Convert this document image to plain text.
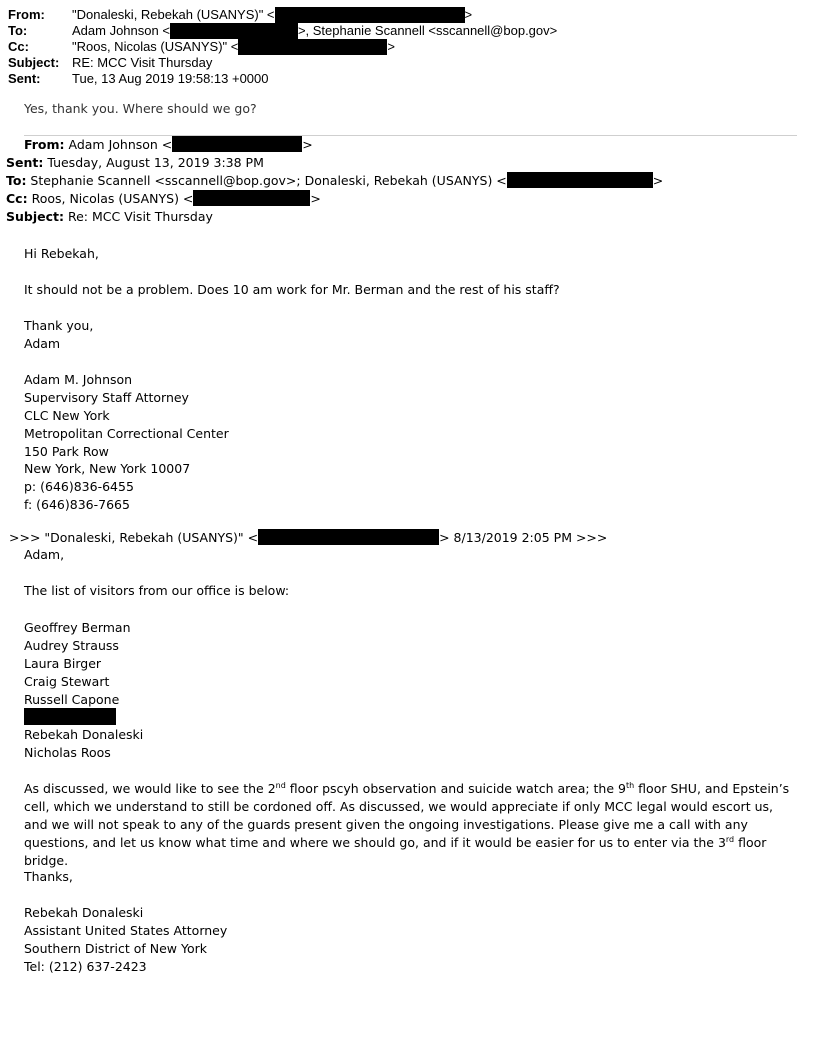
From:	"Donaleski, Rebekah (USANYS)" <	>
To:	Adam Johnson <	>, Stephanie Scannell <sscannell@bop.gov>
Cc:	"Roos, Nicolas (USANYS)" <	>
Subject: RE: MCC Visit Thursday
Sent:	Tue, 13 Aug 2019 19:58:13 +0000
Yes, thank you. Where should we go?
From: Adam Johnson <	>
Sent: Tuesday, August 13, 2019 3:38 PM
To: Stephanie Scannell <sscannell@bop.gov>; Donaleski, Rebekah (USANYS) <	>
Cc: Roos, Nicolas (USANYS) <	>
Subject: Re: MCC Visit Thursday
Hi Rebekah,
It should not be a problem. Does 10 am work for Mr. Berman and the rest of his staff?
Thank you,
Adam
Adam M. Johnson
Supervisory Staff Attorney
CLC New York
Metropolitan Correctional Center
150 Park Row
New York, New York 10007
p: (646)836-6455
f: (646)836-7665
>>> "Donaleski, Rebekah (USANYS)" <	> 8/13/2019 2:05 PM >>>
Adam,
The list of visitors from our office is below:
Geoffrey Berman
Audrey Strauss
Laura Birger
Craig Stewart
Russell Capone
Rebekah Donaleski
Nicholas Roos
As discussed, we would like to see the 2nd floor pscyh observation and suicide watch area; the 9th floor SHU, and Epstein’s cell, which we understand to still be cordoned off. As discussed, we would appreciate if only MCC legal would escort us, and we will not speak to any of the guards present given the ongoing investigations. Please give me a call with any questions, and let us know what time and where we should go, and if it would be easier for us to enter via the 3rd floor bridge.
Thanks,
Rebekah Donaleski
Assistant United States Attorney
Southern District of New York
Tel: (212) 637-2423
